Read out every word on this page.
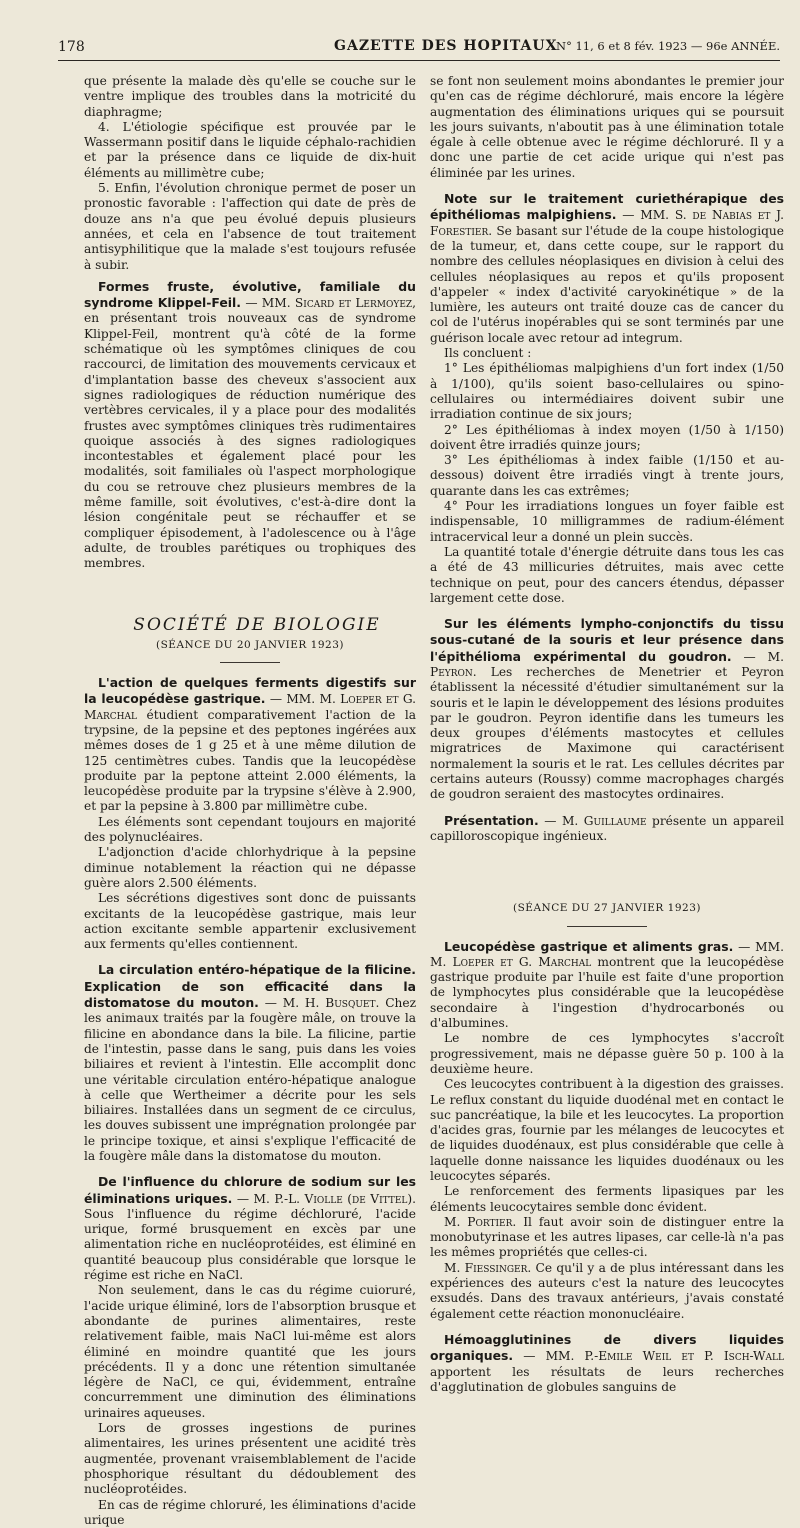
178	GAZETTE DES HOPITAUX
N° 11, 6 et 8 fév. 1923 — 96e ANNÉE.

que présente la malade dès qu'elle se couche sur le ventre implique des troubles dans la motricité du diaphragme;

4. L'étiologie spécifique est prouvée par le Wassermann positif dans le liquide céphalo-rachidien et par la présence dans ce liquide de dix-huit éléments au millimètre cube;

5. Enfin, l'évolution chronique permet de poser un pronostic favorable : l'affection qui date de près de douze ans n'a que peu évolué depuis plusieurs années, et cela en l'absence de tout traitement antisyphilitique que la malade s'est toujours refusée à subir.

Formes fruste, évolutive, familiale du syndrome Klippel-Feil. — MM. Sicard et Lermoyez, en présentant trois nouveaux cas de syndrome Klippel-Feil, montrent qu'à côté de la forme schématique où les symptômes cliniques de cou raccourci, de limitation des mouvements cervicaux et d'implantation basse des cheveux s'associent aux signes radiologiques de réduction numérique des vertèbres cervicales, il y a place pour des modalités frustes avec symptômes cliniques très rudimentaires quoique associés à des signes radiologiques incontestables et également placé pour les modalités, soit familiales où l'aspect morphologique du cou se retrouve chez plusieurs membres de la même famille, soit évolutives, c'est-à-dire dont la lésion congénitale peut se réchauffer et se compliquer épisodement, à l'adolescence ou à l'âge adulte, de troubles parétiques ou trophiques des membres.

SOCIÉTÉ DE BIOLOGIE

(SÉANCE DU 20 JANVIER 1923)

L'action de quelques ferments digestifs sur la leucopédèse gastrique. — MM. M. Loeper et G. Marchal étudient comparativement l'action de la trypsine, de la pepsine et des peptones ingérées aux mêmes doses de 1 g 25 et à une même dilution de 125 centimètres cubes. Tandis que la leucopédèse produite par la peptone atteint 2.000 éléments, la leucopédèse produite par la trypsine s'élève à 2.900, et par la pepsine à 3.800 par millimètre cube.

Les éléments sont cependant toujours en majorité des polynucléaires.

L'adjonction d'acide chlorhydrique à la pepsine diminue notablement la réaction qui ne dépasse guère alors 2.500 éléments.

Les sécrétions digestives sont donc de puissants excitants de la leucopédèse gastrique, mais leur action excitante semble appartenir exclusivement aux ferments qu'elles contiennent.

La circulation entéro-hépatique de la filicine. Explication de son efficacité dans la distomatose du mouton. — M. H. Busquet. Chez les animaux traités par la fougère mâle, on trouve la filicine en abondance dans la bile. La filicine, partie de l'intestin, passe dans le sang, puis dans les voies biliaires et revient à l'intestin. Elle accomplit donc une véritable circulation entéro-hépatique analogue à celle que Wertheimer a décrite pour les sels biliaires. Installées dans un segment de ce circulus, les douves subissent une imprégnation prolongée par le principe toxique, et ainsi s'explique l'efficacité de la fougère mâle dans la distomatose du mouton.

De l'influence du chlorure de sodium sur les éliminations uriques. — M. P.-L. Violle (de Vittel). Sous l'influence du régime déchloruré, l'acide urique, formé brusquement en excès par une alimentation riche en nucléoprotéides, est éliminé en quantité beaucoup plus considérable que lorsque le régime est riche en NaCl.

Non seulement, dans le cas du régime cuioruré, l'acide urique éliminé, lors de l'absorption brusque et abondante de purines alimentaires, reste relativement faible, mais NaCl lui-même est alors éliminé en moindre quantité que les jours précédents. Il y a donc une rétention simultanée légère de NaCl, ce qui, évidemment, entraîne concurremment une diminution des éliminations urinaires aqueuses.

Lors de grosses ingestions de purines alimentaires, les urines présentent une acidité très augmentée, provenant vraisemblablement de l'acide phosphorique résultant du dédoublement des nucléoprotéides.

En cas de régime chloruré, les éliminations d'acide urique

se font non seulement moins abondantes le premier jour qu'en cas de régime déchloruré, mais encore la légère augmentation des éliminations uriques qui se poursuit les jours suivants, n'aboutit pas à une élimination totale égale à celle obtenue avec le régime déchloruré. Il y a donc une partie de cet acide urique qui n'est pas éliminée par les urines.

Note sur le traitement curiethérapique des épithéliomas malpighiens. — MM. S. de Nabias et J. Forestier. Se basant sur l'étude de la coupe histologique de la tumeur, et, dans cette coupe, sur le rapport du nombre des cellules néoplasiques en division à celui des cellules néoplasiques au repos et qu'ils proposent d'appeler « index d'activité caryokinétique » de la lumière, les auteurs ont traité douze cas de cancer du col de l'utérus inopérables qui se sont terminés par une guérison locale avec retour ad integrum.

Ils concluent :

1° Les épithéliomas malpighiens d'un fort index (1/50 à 1/100), qu'ils soient baso-cellulaires ou spino-cellulaires ou intermédiaires doivent subir une irradiation continue de six jours;

2° Les épithéliomas à index moyen (1/50 à 1/150) doivent être irradiés quinze jours;

3° Les épithéliomas à index faible (1/150 et au-dessous) doivent être irradiés vingt à trente jours, quarante dans les cas extrêmes;

4° Pour les irradiations longues un foyer faible est indispensable, 10 milligrammes de radium-élément intracervical leur a donné un plein succès.

La quantité totale d'énergie détruite dans tous les cas a été de 43 millicuries détruites, mais avec cette technique on peut, pour des cancers étendus, dépasser largement cette dose.

Sur les éléments lympho-conjonctifs du tissu sous-cutané de la souris et leur présence dans l'épithélioma expérimental du goudron. — M. Peyron. Les recherches de Menetrier et Peyron établissent la nécessité d'étudier simultanément sur la souris et le lapin le développement des lésions produites par le goudron. Peyron identifie dans les tumeurs les deux groupes d'éléments mastocytes et cellules migratrices de Maximone qui caractérisent normalement la souris et le rat. Les cellules décrites par certains auteurs (Roussy) comme macrophages chargés de goudron seraient des mastocytes ordinaires.

Présentation. — M. Guillaume présente un appareil capilloroscopique ingénieux.

(SÉANCE DU 27 JANVIER 1923)

Leucopédèse gastrique et aliments gras. — MM. M. Loeper et G. Marchal montrent que la leucopédèse gastrique produite par l'huile est faite d'une proportion de lymphocytes plus considérable que la leucopédèse secondaire à l'ingestion d'hydrocarbonés ou d'albumines.

Le nombre de ces lymphocytes s'accroît progressivement, mais ne dépasse guère 50 p. 100 à la deuxième heure.

Ces leucocytes contribuent à la digestion des graisses. Le reflux constant du liquide duodénal met en contact le suc pancréatique, la bile et les leucocytes. La proportion d'acides gras, fournie par les mélanges de leucocytes et de liquides duodénaux, est plus considérable que celle à laquelle donne naissance les liquides duodénaux ou les leucocytes séparés.

Le renforcement des ferments lipasiques par les éléments leucocytaires semble donc évident.

M. Portier. Il faut avoir soin de distinguer entre la monobutyrinase et les autres lipases, car celle-là n'a pas les mêmes propriétés que celles-ci.

M. Fiessinger. Ce qu'il y a de plus intéressant dans les expériences des auteurs c'est la nature des leucocytes exsudés. Dans des travaux antérieurs, j'avais constaté également cette réaction mononucléaire.

Hémoagglutinines de divers liquides organiques. — MM. P.-Emile Weil et P. Isch-Wall apportent les résultats de leurs recherches d'agglutination de globules sanguins de
